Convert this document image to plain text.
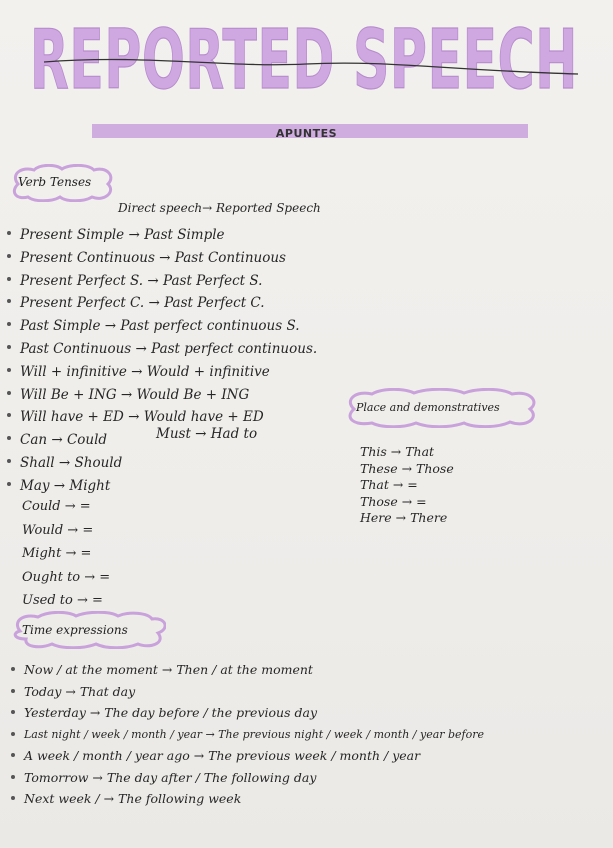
REPORTED SPEECH
APUNTES
Verb Tenses
Direct speech→ Reported Speech
Present Simple → Past Simple
Present Continuous → Past Continuous
Present Perfect S. → Past Perfect S.
Present Perfect C. → Past Perfect C.
Past Simple → Past perfect continuous S.
Past Continuous → Past perfect continuous.
Will + infinitive → Would + infinitive
Will Be + ING → Would Be + ING
Will have + ED → Would have + ED
Can → Could
Shall → Should
May → Might
Must → Had to
Could → =
Would → =
Might → =
Ought to → =
Used to → =
Place and demonstratives
This → That
These → Those
That → =
Those → =
Here → There
Time expressions
Now / at the moment → Then / at the moment
Today → That day
Yesterday → The day before / the previous day
Last night / week / month / year → The previous night / week / month / year before
A week / month / year ago → The previous week / month / year
Tomorrow → The day after / The following day
Next week / → The following week
